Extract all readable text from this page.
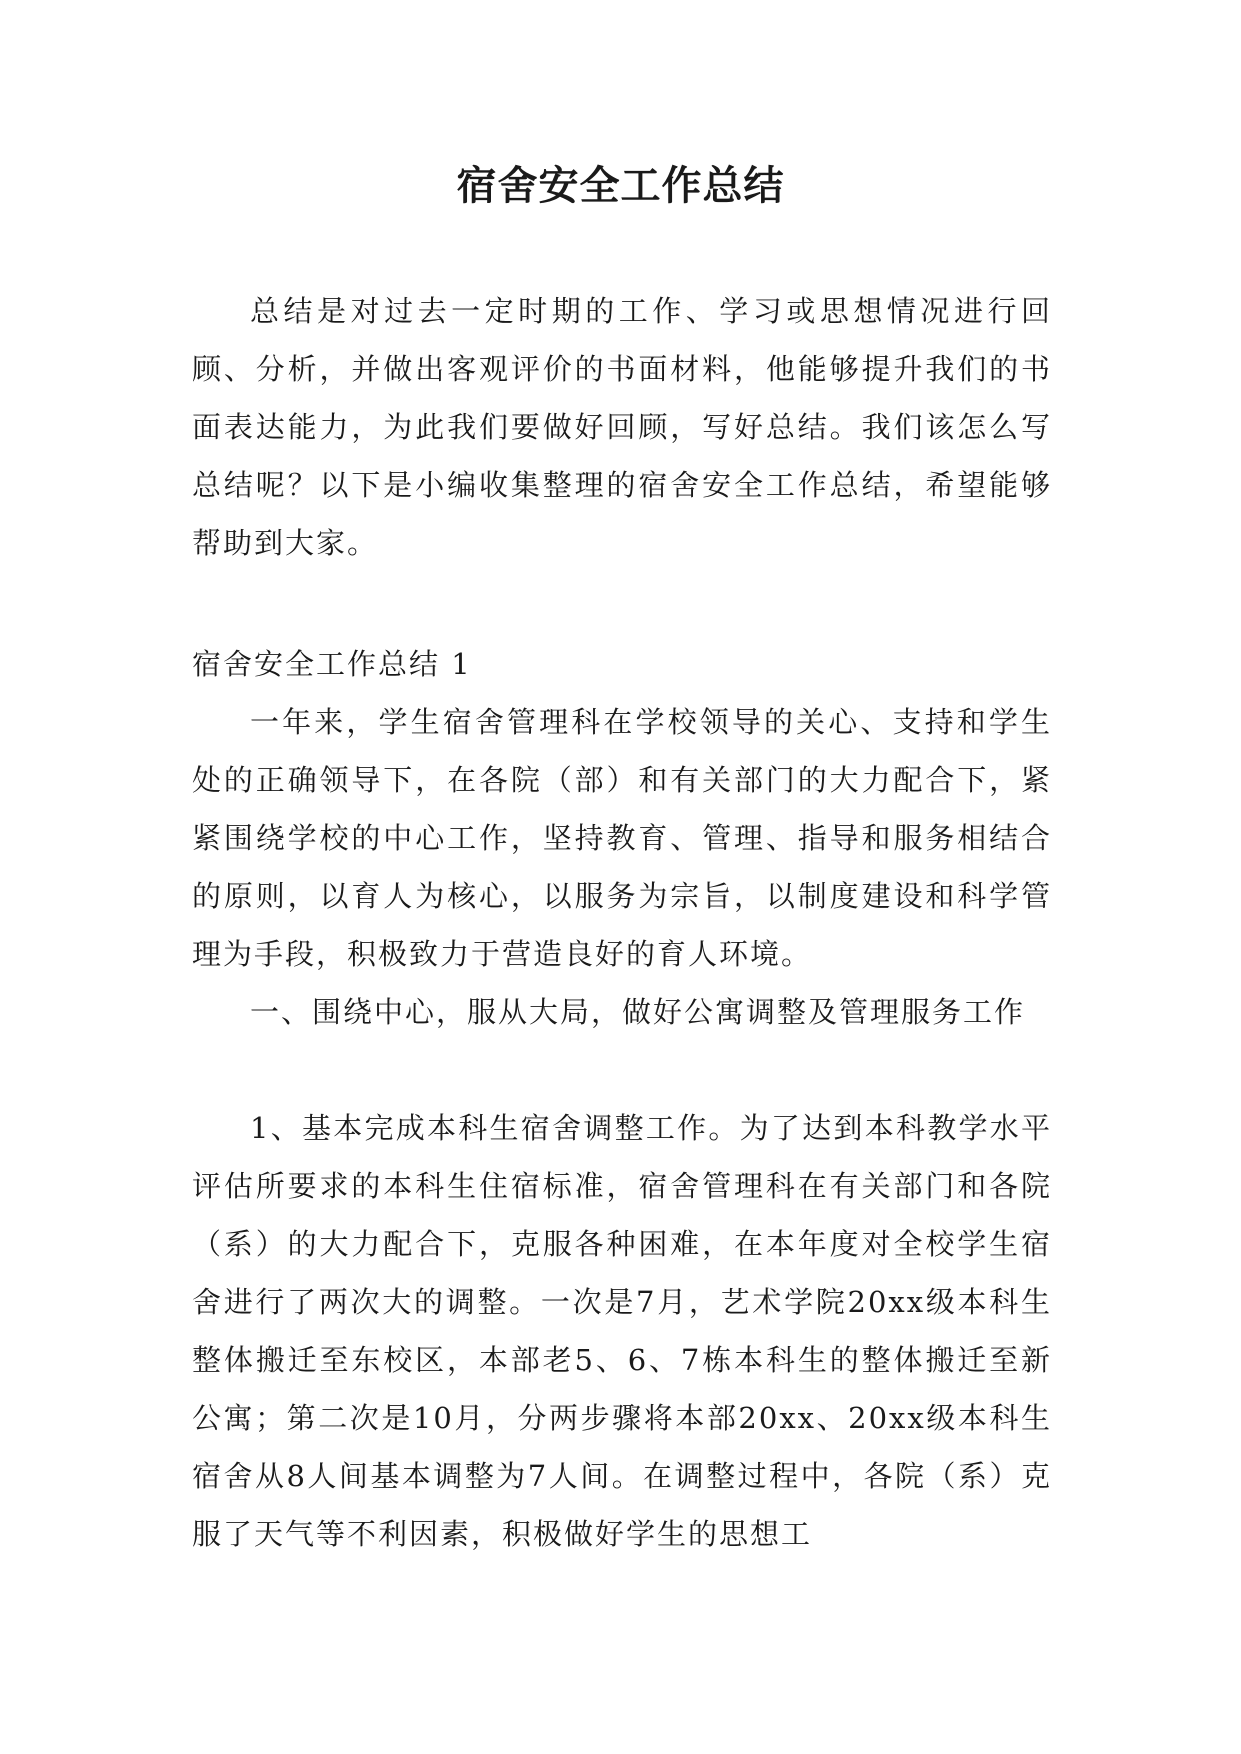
宿舍安全工作总结

总结是对过去一定时期的工作、学习或思想情况进行回顾、分析，并做出客观评价的书面材料，他能够提升我们的书面表达能力，为此我们要做好回顾，写好总结。我们该怎么写总结呢？以下是小编收集整理的宿舍安全工作总结，希望能够帮助到大家。

宿舍安全工作总结 1

一年来，学生宿舍管理科在学校领导的关心、支持和学生处的正确领导下，在各院（部）和有关部门的大力配合下，紧紧围绕学校的中心工作，坚持教育、管理、指导和服务相结合的原则，以育人为核心，以服务为宗旨，以制度建设和科学管理为手段，积极致力于营造良好的育人环境。

一、围绕中心，服从大局，做好公寓调整及管理服务工作

1、基本完成本科生宿舍调整工作。为了达到本科教学水平评估所要求的本科生住宿标准，宿舍管理科在有关部门和各院（系）的大力配合下，克服各种困难，在本年度对全校学生宿舍进行了两次大的调整。一次是7月，艺术学院20xx级本科生整体搬迁至东校区，本部老5、6、7栋本科生的整体搬迁至新公寓；第二次是10月，分两步骤将本部20xx、20xx级本科生宿舍从8人间基本调整为7人间。在调整过程中，各院（系）克服了天气等不利因素，积极做好学生的思想工
